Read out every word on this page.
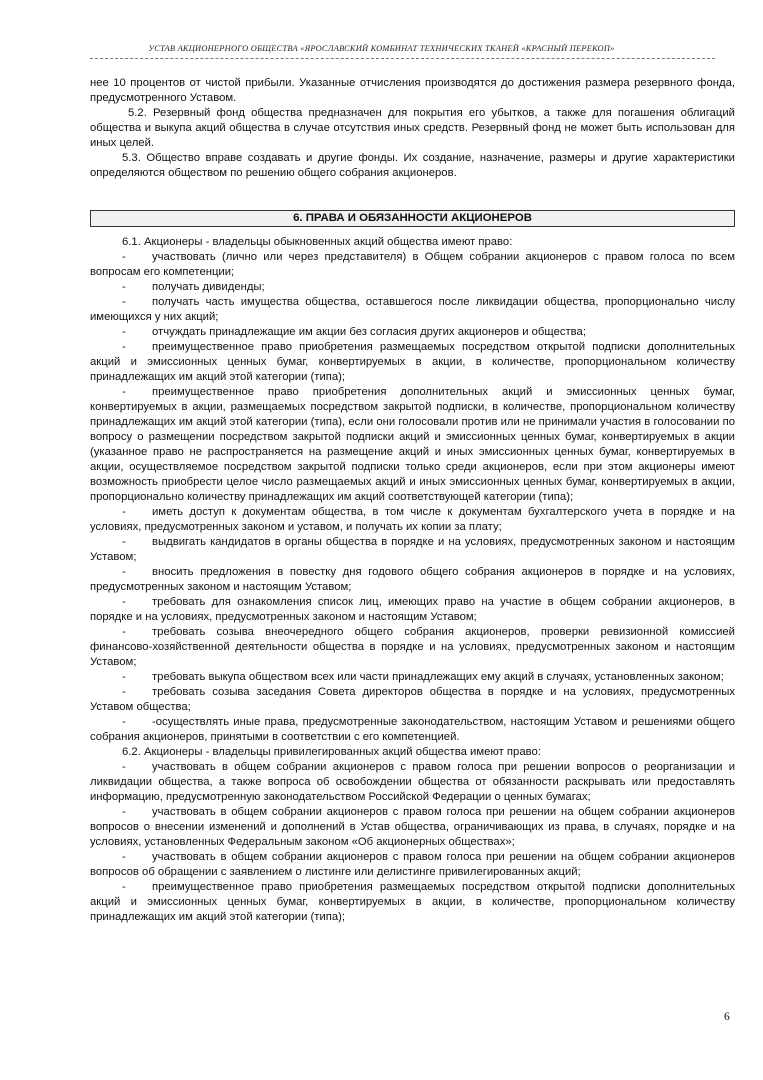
УСТАВ АКЦИОНЕРНОГО ОБЩЕСТВА «ЯРОСЛАВСКИЙ КОМБИНАТ ТЕХНИЧЕСКИХ ТКАНЕЙ «КРАСНЫЙ ПЕРЕКОП»

нее 10 процентов от чистой прибыли. Указанные отчисления производятся до достижения размера резервного фонда, предусмотренного Уставом.

5.2. Резервный фонд общества предназначен для покрытия его убытков, а также для погашения облигаций общества и выкупа акций общества в случае отсутствия иных средств. Резервный фонд не может быть использован для иных целей.

5.3. Общество вправе создавать и другие фонды. Их создание, назначение, размеры и другие характеристики определяются обществом по решению общего собрания акционеров.

6. ПРАВА И ОБЯЗАННОСТИ АКЦИОНЕРОВ

6.1. Акционеры - владельцы обыкновенных акций общества имеют право:

- участвовать (лично или через представителя) в Общем собрании акционеров с правом голоса по всем вопросам его компетенции;

- получать дивиденды;

- получать часть имущества общества, оставшегося после ликвидации общества, пропорционально числу имеющихся у них акций;

- отчуждать принадлежащие им акции без согласия других акционеров и общества;

- преимущественное право приобретения размещаемых посредством открытой подписки дополнительных акций и эмиссионных ценных бумаг, конвертируемых в акции, в количестве, пропорциональном количеству принадлежащих им акций этой категории (типа);

- преимущественное право приобретения дополнительных акций и эмиссионных ценных бумаг, конвертируемых в акции, размещаемых посредством закрытой подписки, в количестве, пропорциональном количеству принадлежащих им акций этой категории (типа), если они голосовали против или не принимали участия в голосовании по вопросу о размещении посредством закрытой подписки акций и эмиссионных ценных бумаг, конвертируемых в акции (указанное право не распространяется на размещение акций и иных эмиссионных ценных бумаг, конвертируемых в акции, осуществляемое посредством закрытой подписки только среди акционеров, если при этом акционеры имеют возможность приобрести целое число размещаемых акций и иных эмиссионных ценных бумаг, конвертируемых в акции, пропорционально количеству принадлежащих им акций соответствующей категории (типа);

- иметь доступ к документам общества, в том числе к документам бухгалтерского учета в порядке и на условиях, предусмотренных законом и уставом, и получать их копии за плату;

- выдвигать кандидатов в органы общества в порядке и на условиях, предусмотренных законом и настоящим Уставом;

- вносить предложения в повестку дня годового общего собрания акционеров в порядке и на условиях, предусмотренных законом и настоящим Уставом;

- требовать для ознакомления список лиц, имеющих право на участие в общем собрании акционеров, в порядке и на условиях, предусмотренных законом и настоящим Уставом;

- требовать созыва внеочередного общего собрания акционеров, проверки ревизионной комиссией финансово-хозяйственной деятельности общества в порядке и на условиях, предусмотренных законом и настоящим Уставом;

- требовать выкупа обществом всех или части принадлежащих ему акций в случаях, установленных законом;

- требовать созыва заседания Совета директоров общества в порядке и на условиях, предусмотренных Уставом общества;

- -осуществлять иные права, предусмотренные законодательством, настоящим Уставом и решениями общего собрания акционеров, принятыми в соответствии с его компетенцией.

6.2. Акционеры - владельцы привилегированных акций общества имеют право:

- участвовать в общем собрании акционеров с правом голоса при решении вопросов о реорганизации и ликвидации общества, а также вопроса об освобождении общества от обязанности раскрывать или предоставлять информацию, предусмотренную законодательством Российской Федерации о ценных бумагах;

- участвовать в общем собрании акционеров с правом голоса при решении на общем собрании акционеров вопросов о внесении изменений и дополнений в Устав общества, ограничивающих из права, в случаях, порядке и на условиях, установленных Федеральным законом «Об акционерных обществах»;

- участвовать в общем собрании акционеров с правом голоса при решении на общем собрании акционеров вопросов об обращении с заявлением о листинге или делистинге привилегированных акций;

- преимущественное право приобретения размещаемых посредством открытой подписки дополнительных акций и эмиссионных ценных бумаг, конвертируемых в акции, в количестве, пропорциональном количеству принадлежащих им акций этой категории (типа);

6
